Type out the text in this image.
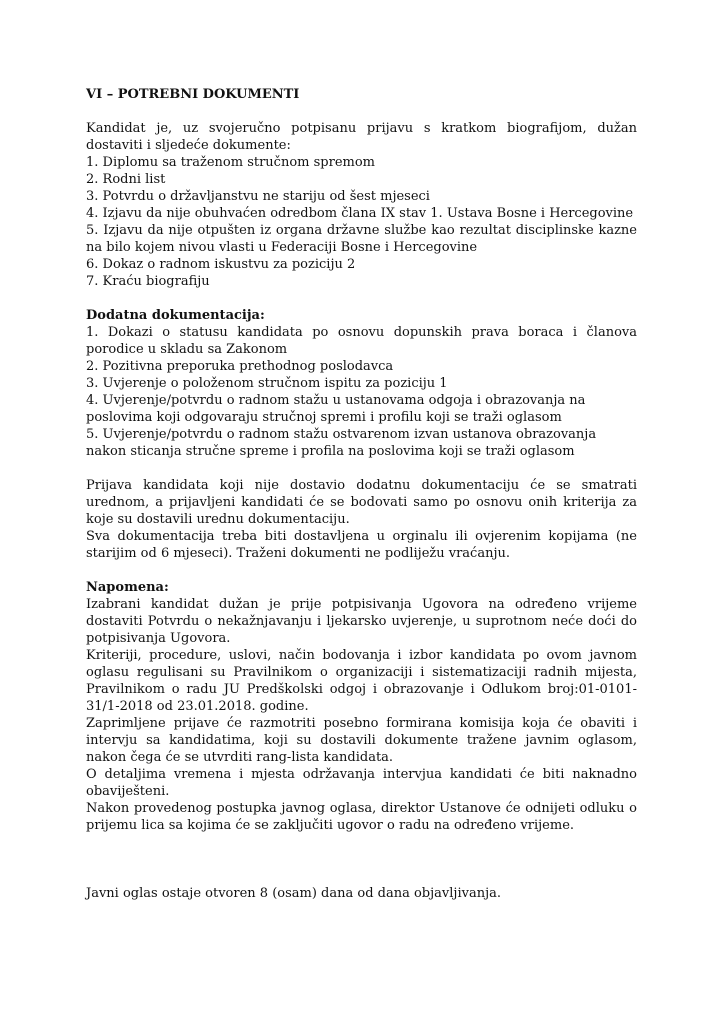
VI – POTREBNI DOKUMENTI

Kandidat je, uz svojeručno potpisanu prijavu s kratkom biografijom, dužan dostaviti i sljedeće dokumente:

1. Diplomu sa traženom stručnom spremom

2. Rodni list

3. Potvrdu o državljanstvu ne stariju od šest mjeseci

4. Izjavu da nije obuhvaćen odredbom člana IX stav 1. Ustava Bosne i Hercegovine

5. Izjavu da nije otpušten iz organa državne službe kao rezultat disciplinske kazne na bilo kojem nivou vlasti u Federaciji Bosne i Hercegovine

6. Dokaz o radnom iskustvu za poziciju 2

7. Kraću biografiju

Dodatna dokumentacija:

1. Dokazi o statusu kandidata po osnovu dopunskih prava boraca i članova porodice u skladu sa Zakonom

2. Pozitivna preporuka prethodnog poslodavca

3. Uvjerenje o položenom stručnom ispitu za poziciju 1

4. Uvjerenje/potvrdu o radnom stažu u ustanovama odgoja i obrazovanja na poslovima koji odgovaraju stručnoj spremi i profilu koji se traži oglasom

5. Uvjerenje/potvrdu o radnom stažu ostvarenom izvan ustanova obrazovanja nakon sticanja stručne spreme i profila na poslovima koji se traži oglasom

Prijava kandidata koji nije dostavio dodatnu dokumentaciju će se smatrati urednom, a prijavljeni kandidati će se bodovati samo po osnovu onih kriterija za koje su dostavili urednu dokumentaciju.

Sva dokumentacija treba biti dostavljena u orginalu ili ovjerenim kopijama (ne starijim od 6 mjeseci). Traženi dokumenti ne podliježu vraćanju.

Napomena:

Izabrani kandidat dužan je prije potpisivanja Ugovora na određeno vrijeme dostaviti Potvrdu o nekažnjavanju i ljekarsko uvjerenje, u suprotnom neće doći do potpisivanja Ugovora.

Kriteriji, procedure, uslovi, način bodovanja i izbor kandidata po ovom javnom oglasu regulisani su Pravilnikom o organizaciji i sistematizaciji radnih mijesta, Pravilnikom o radu JU Predškolski odgoj i obrazovanje i Odlukom broj:01-0101-31/1-2018 od 23.01.2018. godine.

Zaprimljene prijave će razmotriti posebno formirana komisija koja će obaviti i intervju sa kandidatima, koji su dostavili dokumente tražene javnim oglasom, nakon čega će se utvrditi rang-lista kandidata.

O detaljima vremena i mjesta održavanja intervjua kandidati će biti naknadno obaviješteni.

Nakon provedenog postupka javnog oglasa, direktor Ustanove će odnijeti odluku o prijemu lica sa kojima će se zaključiti ugovor o radu na određeno vrijeme.

Javni oglas ostaje otvoren 8 (osam) dana od dana objavljivanja.
